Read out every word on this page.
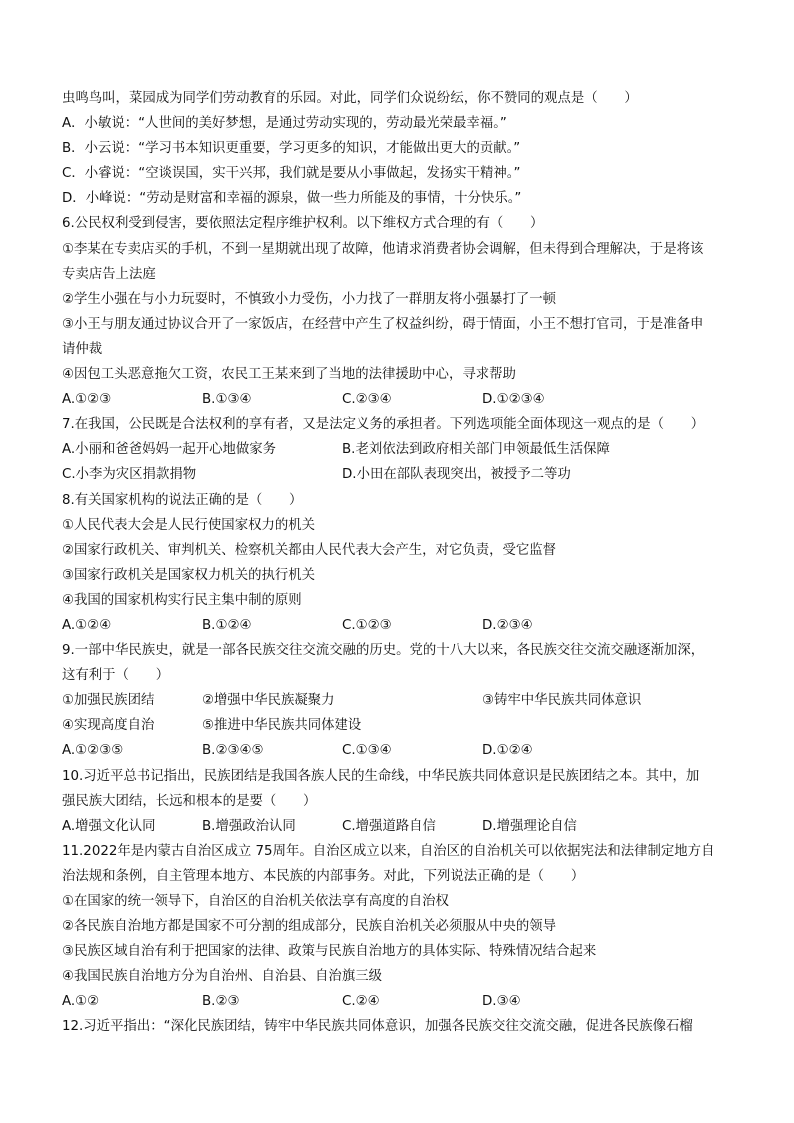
虫鸣鸟叫，菜园成为同学们劳动教育的乐园。对此，同学们众说纷纭，你不赞同的观点是（　　）
A．小敏说：“人世间的美好梦想，是通过劳动实现的，劳动最光荣最幸福。”
B．小云说：“学习书本知识更重要，学习更多的知识，才能做出更大的贡献。”
C．小睿说：“空谈误国，实干兴邦，我们就是要从小事做起，发扬实干精神。”
D．小峰说：“劳动是财富和幸福的源泉，做一些力所能及的事情，十分快乐。”
6.公民权利受到侵害，要依照法定程序维护权利。以下维权方式合理的有（　　）
①李某在专卖店买的手机，不到一星期就出现了故障，他请求消费者协会调解，但未得到合理解决，于是将该
专卖店告上法庭
②学生小强在与小力玩耍时，不慎致小力受伤，小力找了一群朋友将小强暴打了一顿
③小王与朋友通过协议合开了一家饭店，在经营中产生了权益纠纷，碍于情面，小王不想打官司，于是准备申
请仲裁
④因包工头恶意拖欠工资，农民工王某来到了当地的法律援助中心，寻求帮助
A.①②③	B.①③④	C.②③④	D.①②③④
7.在我国，公民既是合法权利的享有者，又是法定义务的承担者。下列选项能全面体现这一观点的是（　　）
A.小丽和爸爸妈妈一起开心地做家务	B.老刘依法到政府相关部门申领最低生活保障
C.小李为灾区捐款捐物	D.小田在部队表现突出，被授予二等功
8.有关国家机构的说法正确的是（　　）
①人民代表大会是人民行使国家权力的机关
②国家行政机关、审判机关、检察机关都由人民代表大会产生，对它负责，受它监督
③国家行政机关是国家权力机关的执行机关
④我国的国家机构实行民主集中制的原则
A.①②④	B.①②④	C.①②③	D.②③④
9.一部中华民族史，就是一部各民族交往交流交融的历史。党的十八大以来，各民族交往交流交融逐渐加深，
这有利于（　　）
①加强民族团结	②增强中华民族凝聚力	③铸牢中华民族共同体意识
④实现高度自治	⑤推进中华民族共同体建设
A.①②③⑤	B.②③④⑤	C.①③④	D.①②④
10.习近平总书记指出，民族团结是我国各族人民的生命线，中华民族共同体意识是民族团结之本。其中，加
强民族大团结，长远和根本的是要（　　）
A.增强文化认同	B.增强政治认同	C.增强道路自信	D.增强理论自信
11.2022年是内蒙古自治区成立 75周年。自治区成立以来，自治区的自治机关可以依据宪法和法律制定地方自
治法规和条例，自主管理本地方、本民族的内部事务。对此，下列说法正确的是（　　）
①在国家的统一领导下，自治区的自治机关依法享有高度的自治权
②各民族自治地方都是国家不可分割的组成部分，民族自治机关必须服从中央的领导
③民族区域自治有利于把国家的法律、政策与民族自治地方的具体实际、特殊情况结合起来
④我国民族自治地方分为自治州、自治县、自治旗三级
A.①②	B.②③	C.②④	D.③④
12.习近平指出：“深化民族团结，铸牢中华民族共同体意识，加强各民族交往交流交融，促进各民族像石榴
